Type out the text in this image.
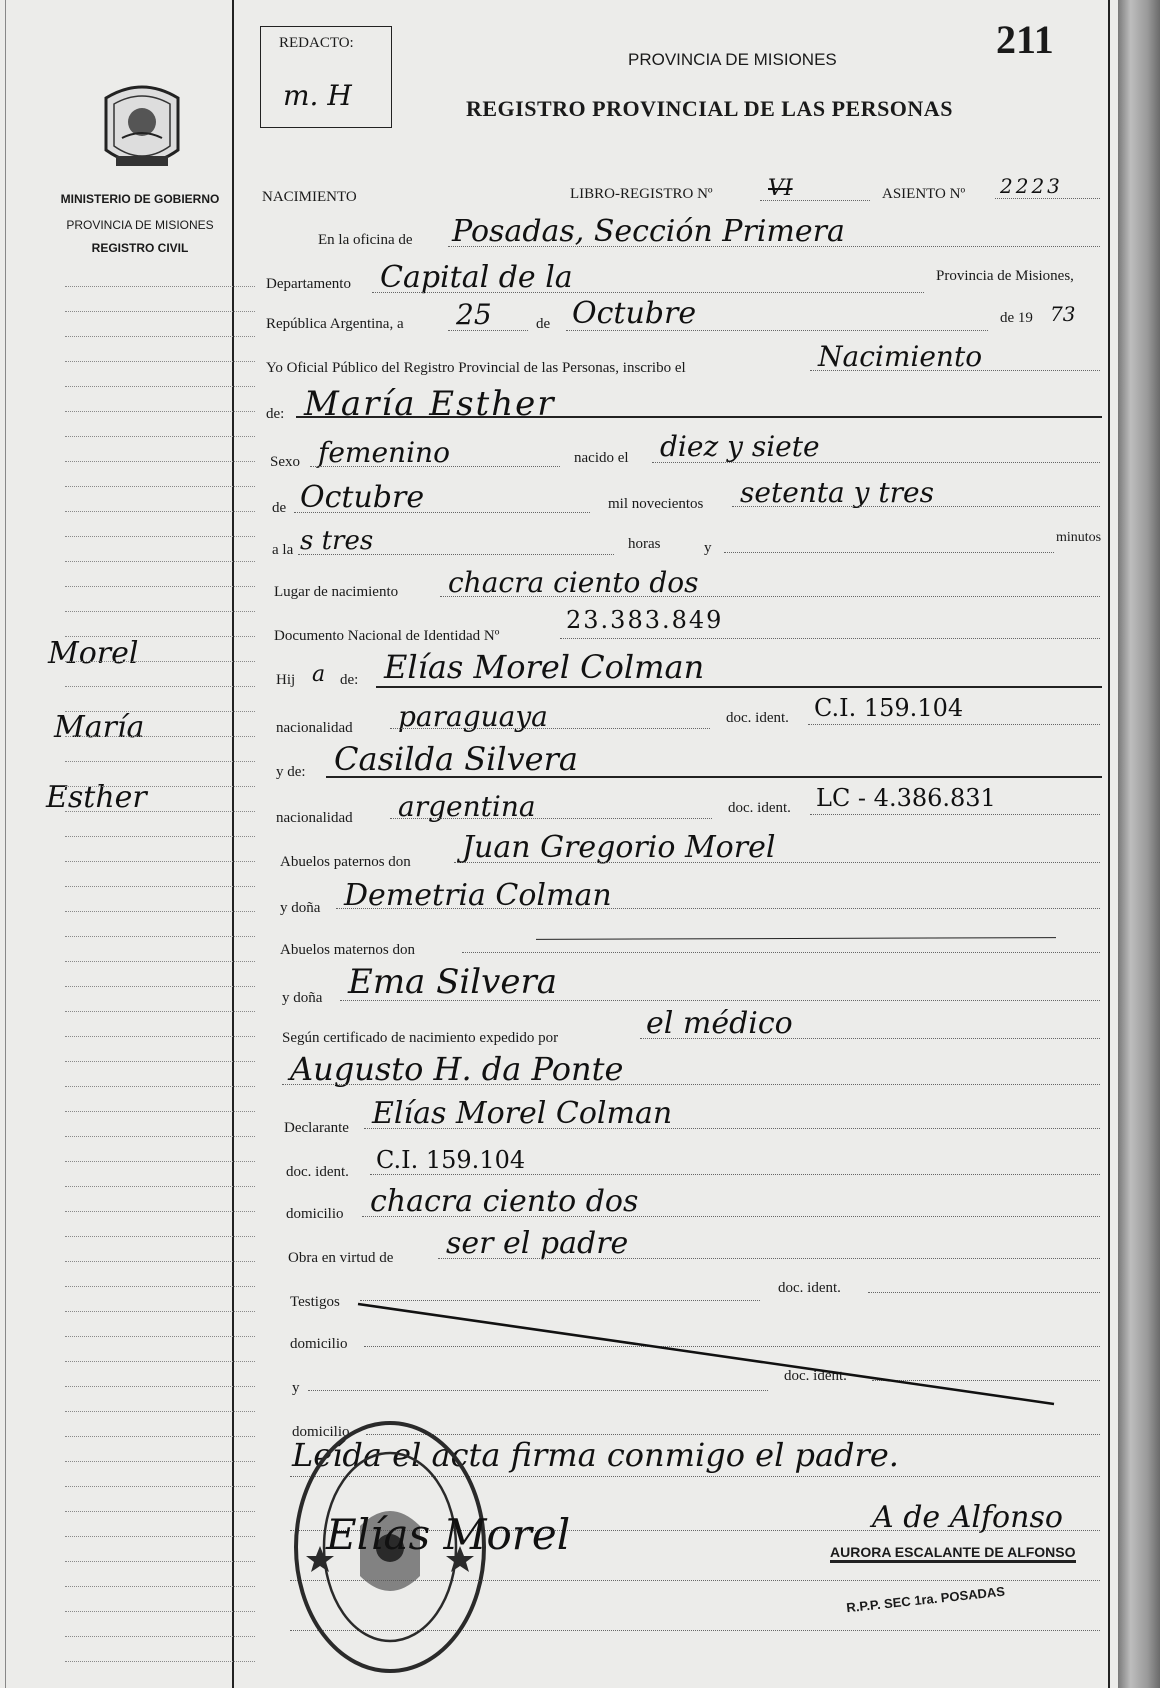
MINISTERIO DE GOBIERNO
PROVINCIA DE MISIONES
REGISTRO CIVIL
Morel
María
Esther
REDACTO:
m. H
211
PROVINCIA DE MISIONES
REGISTRO PROVINCIAL DE LAS PERSONAS
NACIMIENTO	LIBRO-REGISTRO Nº	VI	ASIENTO Nº 2223
En la oficina de Posadas, Sección Primera
Departamento Capital de la	Provincia de Misiones,
República Argentina, a 25	de Octubre	de 19 73
Yo Oficial Público del Registro Provincial de las Personas, inscribo el	Nacimiento
de: María Esther
Sexo femenino	nacido el diez y siete
de Octubre	mil novecientos setenta y tres
a la s tres	horas	y
minutos
Lugar de nacimiento chacra ciento dos
Documento Nacional de Identidad Nº
23.383.849
Hij a de: Elías Morel Colman
nacionalidad paraguaya	doc. ident. C.I. 159.104
y de: Casilda Silvera
nacionalidad argentina	doc. ident. LC - 4.386.831
Abuelos paternos don Juan Gregorio Morel
y doña Demetria Colman
Abuelos maternos don
y doña Ema Silvera
Según certificado de nacimiento expedido por	el médico
Augusto H. da Ponte
Declarante Elías Morel Colman
doc. ident. C.I. 159.104
domicilio chacra ciento dos
Obra en virtud de ser el padre
Testigos
doc. ident.
domicilio
y
doc. ident.
domicilio
Leída el acta firma conmigo el padre.
Elías Morel	A de Alfonso
AURORA ESCALANTE DE ALFONSO
R.P.P. SEC 1ra. POSADAS
